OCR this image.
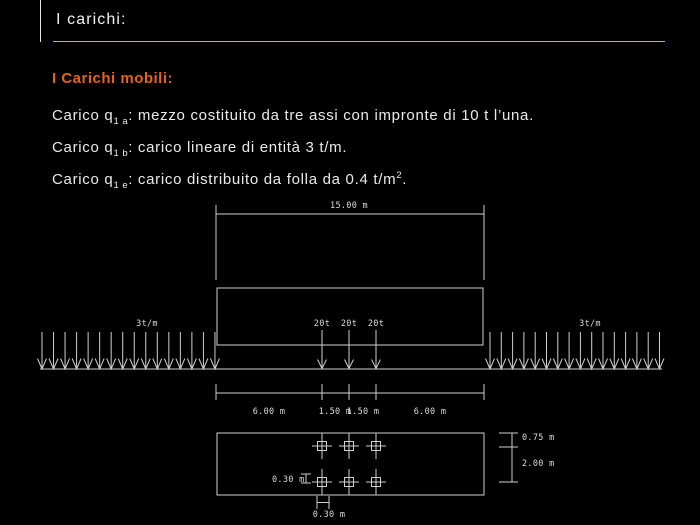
I carichi:
I Carichi mobili:
Carico $q_{1 a}$: mezzo costituito da tre assi con impronte di 10 t l’una.
Carico $q_{1 b}$: carico lineare di entità 3 t/m.
Carico $q_{1 e}$: carico distribuito da folla da 0.4 $t/m^2$.
15.00 m
3t/m	3t/m
20t 20t 20t
6.00 m	1.50 m
1.50 m	6.00 m
0.75 m
2.00 m
0.30 m
0.30 m
